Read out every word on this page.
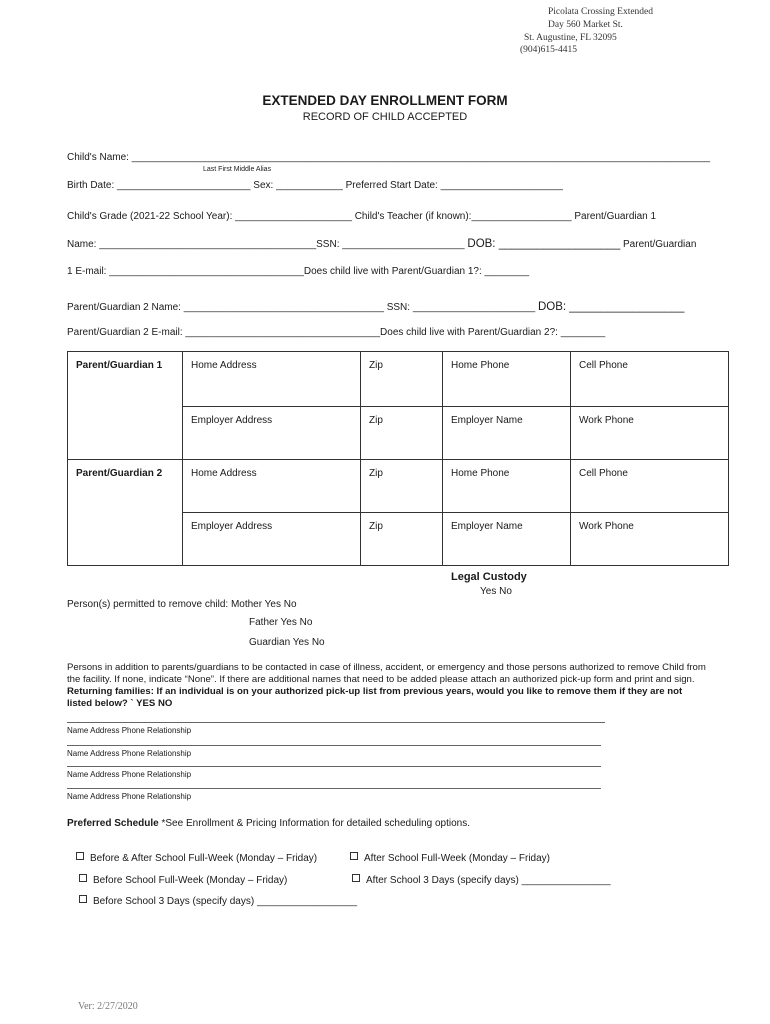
Picolata Crossing Extended
Day 560 Market St.
St. Augustine, FL 32095
(904)615-4415
EXTENDED DAY ENROLLMENT FORM
RECORD OF CHILD ACCEPTED
Child's Name: ________________________________________________________________________________________________________
Last First Middle Alias
Birth Date: ________________________ Sex: ____________ Preferred Start Date: ______________________
Child's Grade (2021-22 School Year): _____________________ Child's Teacher (if known):__________________ Parent/Guardian 1
Name: _______________________________________SSN: ______________________ DOB: ___________________ Parent/Guardian
1 E-mail: ___________________________________Does child live with Parent/Guardian 1?: ________
Parent/Guardian 2 Name: ____________________________________ SSN: ______________________ DOB: __________________
Parent/Guardian 2 E-mail: ___________________________________Does child live with Parent/Guardian 2?: ________
Parent/Guardian 1	Home Address	Zip	Home Phone	Cell Phone
	Employer Address	Zip	Employer Name	Work Phone
Parent/Guardian 2	Home Address	Zip	Home Phone	Cell Phone
	Employer Address	Zip	Employer Name	Work Phone
Legal Custody
Yes No
Person(s) permitted to remove child: Mother Yes No
Father Yes No
Guardian Yes No
Persons in addition to parents/guardians to be contacted in case of illness, accident, or emergency and those persons authorized to remove Child from the facility. If none, indicate “None”. If there are additional names that need to be added please attach an authorized pick-up form and print and sign. Returning families: If an individual is on your authorized pick-up list from previous years, would you like to remove them if they are not listed below? ` YES NO
Name Address Phone Relationship
Name Address Phone Relationship
Name Address Phone Relationship
Name Address Phone Relationship
Preferred Schedule *See Enrollment & Pricing Information for detailed scheduling options.
Before & After School Full-Week (Monday – Friday)	After School Full-Week (Monday – Friday)
Before School Full-Week (Monday – Friday)	After School 3 Days (specify days) ________________
Before School 3 Days (specify days) __________________
Ver: 2/27/2020
